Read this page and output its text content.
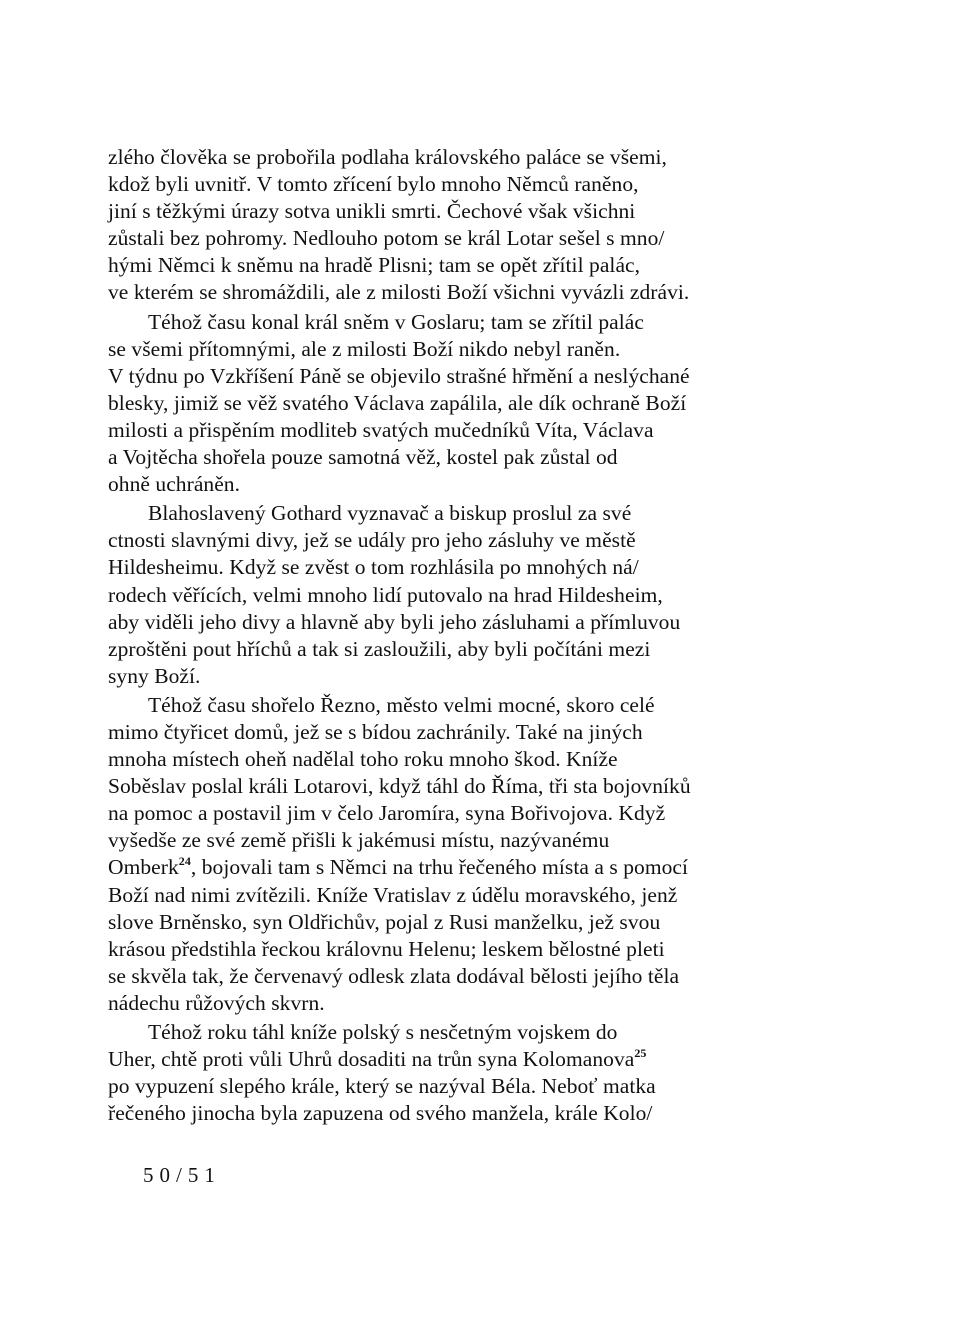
zlého člověka se probořila podlaha královského paláce se všemi,
kdož byli uvnitř. V tomto zřícení bylo mnoho Němců raněno,
jiní s těžkými úrazy sotva unikli smrti. Čechové však všichni
zůstali bez pohromy. Nedlouho potom se král Lotar sešel s mno/
hými Němci k sněmu na hradě Plisni; tam se opět zřítil palác,
ve kterém se shromáždili, ale z milosti Boží všichni vyvázli zdrávi.
Téhož času konal král sněm v Goslaru; tam se zřítil palác
se všemi přítomnými, ale z milosti Boží nikdo nebyl raněn.
V týdnu po Vzkříšení Páně se objevilo strašné hřmění a neslýchané
blesky, jimiž se věž svatého Václava zapálila, ale dík ochraně Boží
milosti a přispěním modliteb svatých mučedníků Víta, Václava
a Vojtěcha shořela pouze samotná věž, kostel pak zůstal od
ohně uchráněn.
Blahoslavený Gothard vyznavač a biskup proslul za své
ctnosti slavnými divy, jež se udály pro jeho zásluhy ve městě
Hildesheimu. Když se zvěst o tom rozhlásila po mnohých ná/
rodech věřících, velmi mnoho lidí putovalo na hrad Hildesheim,
aby viděli jeho divy a hlavně aby byli jeho zásluhami a přímluvou
zproštěni pout hříchů a tak si zasloužili, aby byli počítáni mezi
syny Boží.
Téhož času shořelo Řezno, město velmi mocné, skoro celé
mimo čtyřicet domů, jež se s bídou zachránily. Také na jiných
mnoha místech oheň nadělal toho roku mnoho škod. Kníže
Soběslav poslal králi Lotarovi, když táhl do Říma, tři sta bojovníků
na pomoc a postavil jim v čelo Jaromíra, syna Bořivojova. Když
vyšedše ze své země přišli k jakémusi místu, nazývanému
Omberk$^{24}$, bojovali tam s Němci na trhu řečeného místa a s pomocí
Boží nad nimi zvítězili. Kníže Vratislav z údělu moravského, jenž
slove Brněnsko, syn Oldřichův, pojal z Rusi manželku, jež svou
krásou předstihla řeckou královnu Helenu; leskem bělostné pleti
se skvěla tak, že červenavý odlesk zlata dodával bělosti jejího těla
nádechu růžových skvrn.
Téhož roku táhl kníže polský s nesčetným vojskem do
Uher, chtě proti vůli Uhrů dosaditi na trůn syna Kolomanova$^{25}$
po vypuzení slepého krále, který se nazýval Béla. Neboť matka
řečeného jinocha byla zapuzena od svého manžela, krále Kolo/
50/51
